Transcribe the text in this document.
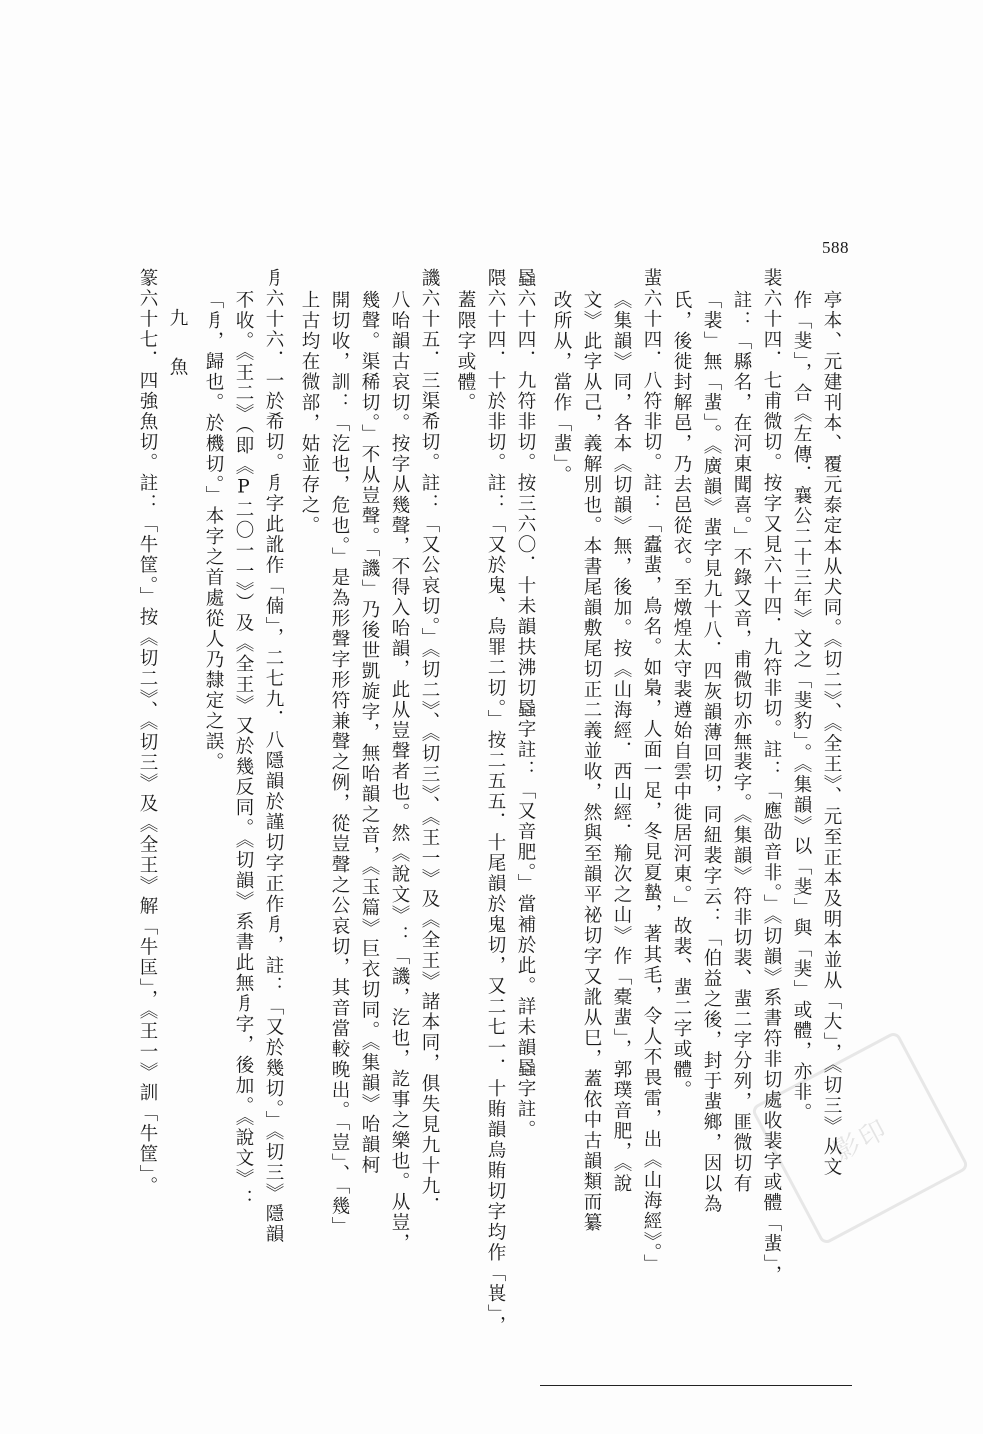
588

亭本、元建刊本、覆元泰定本从犬同。《切二》、《全王》、元至正本及明本並从「大」，《切三》从文

作「斐」，合《左傳．襄公二十三年》文之「斐豹」。《集韻》以「斐」與「猆」或體，亦非。

裴六十四．七甫微切。按字又見六十四．九符非切。註：「應劭音非。」《切韻》系書符非切處收裴字或體「蜚」，

註：「縣名，在河東聞喜。」不錄又音，甫微切亦無裴字。《集韻》符非切裴、蜚二字分列，匪微切有

「裴」無「蜚」。《廣韻》蜚字見九十八．四灰韻薄回切，同紐裴字云：「伯益之後，封于蜚鄉，因以為

氏，後徙封解邑，乃去邑從衣。至燉煌太守裴遵始自雲中徙居河東。」故裴、蜚二字或體。

蜚六十四．八符非切。註：「蠹蜚，鳥名。如梟，人面一足，冬見夏蟄，著其毛，令人不畏雷，出《山海經》。」

《集韻》同，各本《切韻》無，後加。按《山海經．西山經．羭次之山》作「橐蜚」，郭璞音肥，《說

文》此字从己，義解別也。本書尾韻敷尾切正二義並收，然與至韻平祕切字又訛从巳，蓋依中古韻類而纂

改所从，當作「蜚」。

蟁六十四．九符非切。按三六〇．十未韻扶沸切蟁字註：「又音肥。」當補於此。詳未韻蟁字註。

隈六十四．十於非切。註：「又於鬼、烏罪二切。」按二五五．十尾韻於鬼切，又二七一．十賄韻烏賄切字均作「嵔」，

蓋隈字或體。

譏六十五．三渠希切。註：「又公哀切。」《切二》、《切三》、《王一》及《全王》諸本同，俱失見九十九．

八咍韻古哀切。按字从幾聲，不得入咍韻，此从豈聲者也。然《說文》：「譏，汔也，訖事之樂也。从豈，

幾聲。渠稀切。」不从豈聲。「譏」乃後世凱旋字，無咍韻之音，《玉篇》巨衣切同。《集韻》咍韻柯

開切收，訓：「汔也，危也。」是為形聲字形符兼聲之例，從豈聲之公哀切，其音當較晚出。「豈」、「幾」

上古均在微部，姑並存之。

㐆六十六．一於希切。㐆字此訛作「㑲」，二七九．八隱韻於謹切字正作㐆，註：「又於幾切。」《切三》隱韻

不收。《王二》（即《P二〇一一》）及《全王》又於幾反同。《切韻》系書此無㐆字，後加。《說文》：

「㐆，歸也。於機切。」本字之首處從人乃隸定之誤。

九　魚

篆六十七．四強魚切。註：「牛筐。」按《切二》、《切三》及《全王》解「牛匡」，《王一》訓「牛筐」。	影印
